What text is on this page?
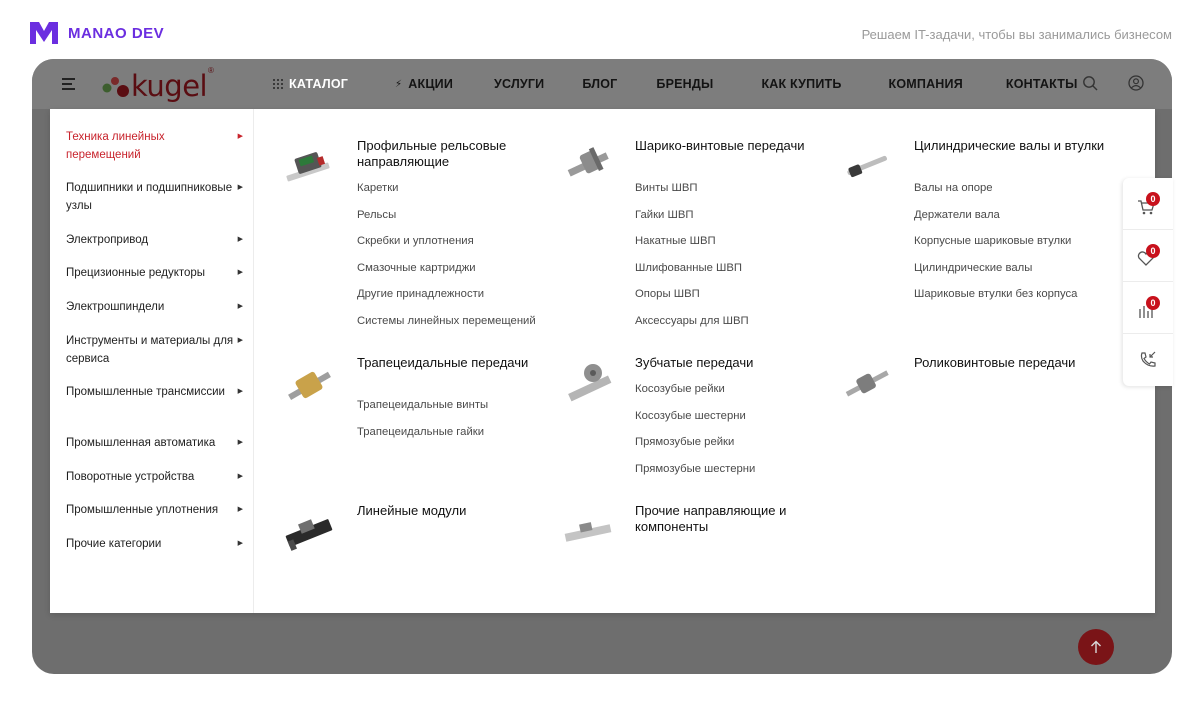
MANAO DEV	Решаем IT-задачи, чтобы вы занимались бизнесом
kugel ®
КАТАЛОГ	⚡ АКЦИИ	УСЛУГИ	БЛОГ	БРЕНДЫ	КАК КУПИТЬ	КОМПАНИЯ	КОНТАКТЫ
Техника линейных перемещений
▶
Подшипники и подшипниковые узлы
▶
Электропривод	▶
Прецизионные редукторы	▶
Электрошпиндели	▶
Инструменты и материалы для сервиса
▶
Промышленные трансмиссии ▶
Промышленная автоматика	▶
Поворотные устройства	▶
Промышленные уплотнения	▶
Прочие категории	▶
Профильные рельсовые направляющие
Каретки
Рельсы
Скребки и уплотнения
Смазочные картриджи
Другие принадлежности
Системы линейных перемещений
Шарико-винтовые передачи
Винты ШВП
Гайки ШВП
Накатные ШВП
Шлифованные ШВП
Опоры ШВП
Аксессуары для ШВП
Цилиндрические валы и втулки
Валы на опоре
Держатели вала
Корпусные шариковые втулки
Цилиндрические валы
Шариковые втулки без корпуса
Трапецеидальные передачи
Трапецеидальные винты
Трапецеидальные гайки
Зубчатые передачи
Косозубые рейки
Косозубые шестерни
Прямозубые рейки
Прямозубые шестерни
Роликовинтовые передачи
Линейные модули	Прочие направляющие и компоненты
0
0
0
